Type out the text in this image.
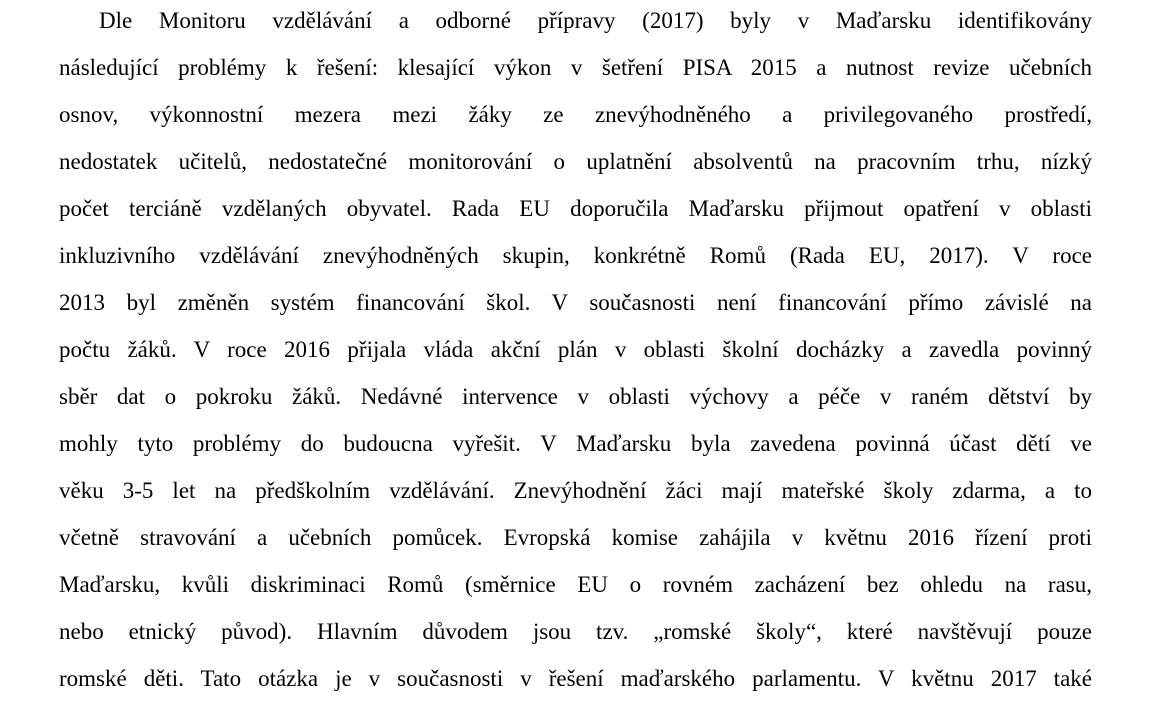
Dle Monitoru vzdělávání a odborné přípravy (2017) byly v Maďarsku identifikovány
následující problémy k řešení: klesající výkon v šetření PISA 2015 a nutnost revize učebních
osnov, výkonnostní mezera mezi žáky ze znevýhodněného a privilegovaného prostředí,
nedostatek učitelů, nedostatečné monitorování o uplatnění absolventů na pracovním trhu, nízký
počet terciáně vzdělaných obyvatel. Rada EU doporučila Maďarsku přijmout opatření v oblasti
inkluzivního vzdělávání znevýhodněných skupin, konkrétně Romů (Rada EU, 2017). V roce
2013 byl změněn systém financování škol. V současnosti není financování přímo závislé na
počtu žáků. V roce 2016 přijala vláda akční plán v oblasti školní docházky a zavedla povinný
sběr dat o pokroku žáků. Nedávné intervence v oblasti výchovy a péče v raném dětství by
mohly tyto problémy do budoucna vyřešit. V Maďarsku byla zavedena povinná účast dětí ve
věku 3-5 let na předškolním vzdělávání. Znevýhodnění žáci mají mateřské školy zdarma, a to
včetně stravování a učebních pomůcek. Evropská komise zahájila v květnu 2016 řízení proti
Maďarsku, kvůli diskriminaci Romů (směrnice EU o rovném zacházení bez ohledu na rasu,
nebo etnický původ). Hlavním důvodem jsou tzv. „romské školy“, které navštěvují pouze
romské děti. Tato otázka je v současnosti v řešení maďarského parlamentu. V květnu 2017 také
